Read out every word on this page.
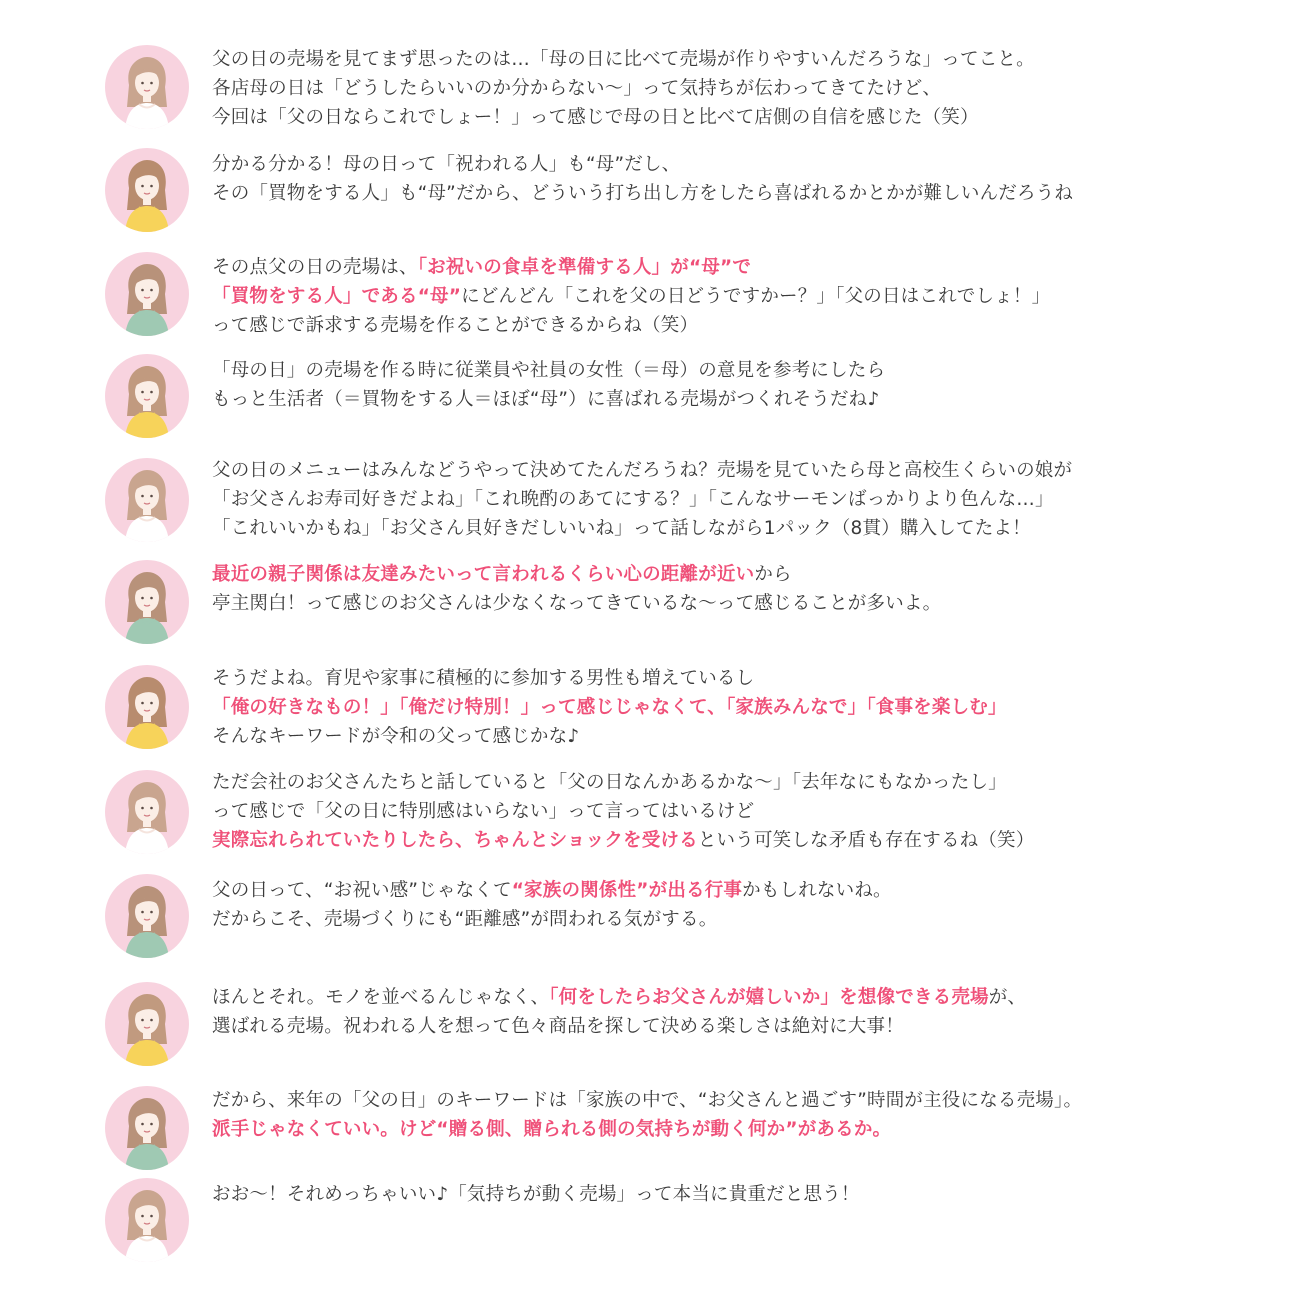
父の日の売場を見てまず思ったのは…「母の日に比べて売場が作りやすいんだろうな」ってこと。
各店母の日は「どうしたらいいのか分からない〜」って気持ちが伝わってきてたけど、
今回は「父の日ならこれでしょー！」って感じで母の日と比べて店側の自信を感じた（笑）
分かる分かる！母の日って「祝われる人」も“母”だし、
その「買物をする人」も“母”だから、どういう打ち出し方をしたら喜ばれるかとかが難しいんだろうね
その点父の日の売場は、「お祝いの食卓を準備する人」が“母”で
「買物をする人」である“母”にどんどん「これを父の日どうですかー？」「父の日はこれでしょ！」
って感じで訴求する売場を作ることができるからね（笑）
「母の日」の売場を作る時に従業員や社員の女性（＝母）の意見を参考にしたら
もっと生活者（＝買物をする人＝ほぼ“母”）に喜ばれる売場がつくれそうだね♪
父の日のメニューはみんなどうやって決めてたんだろうね？売場を見ていたら母と高校生くらいの娘が
「お父さんお寿司好きだよね」「これ晩酌のあてにする？」「こんなサーモンばっかりより色んな…」
「これいいかもね」「お父さん貝好きだしいいね」って話しながら1パック（8貫）購入してたよ！
最近の親子関係は友達みたいって言われるくらい心の距離が近いから
亭主関白！って感じのお父さんは少なくなってきているな〜って感じることが多いよ。
そうだよね。育児や家事に積極的に参加する男性も増えているし
「俺の好きなもの！」「俺だけ特別！」って感じじゃなくて、「家族みんなで」「食事を楽しむ」
そんなキーワードが令和の父って感じかな♪
ただ会社のお父さんたちと話していると「父の日なんかあるかな〜」「去年なにもなかったし」
って感じで「父の日に特別感はいらない」って言ってはいるけど
実際忘れられていたりしたら、ちゃんとショックを受けるという可笑しな矛盾も存在するね（笑）
父の日って、“お祝い感”じゃなくて“家族の関係性”が出る行事かもしれないね。
だからこそ、売場づくりにも“距離感”が問われる気がする。
ほんとそれ。モノを並べるんじゃなく、「何をしたらお父さんが嬉しいか」を想像できる売場が、
選ばれる売場。祝われる人を想って色々商品を探して決める楽しさは絶対に大事！
だから、来年の「父の日」のキーワードは「家族の中で、“お父さんと過ごす”時間が主役になる売場」。
派手じゃなくていい。けど“贈る側、贈られる側の気持ちが動く何か”があるか。
おお〜！それめっちゃいい♪「気持ちが動く売場」って本当に貴重だと思う！
